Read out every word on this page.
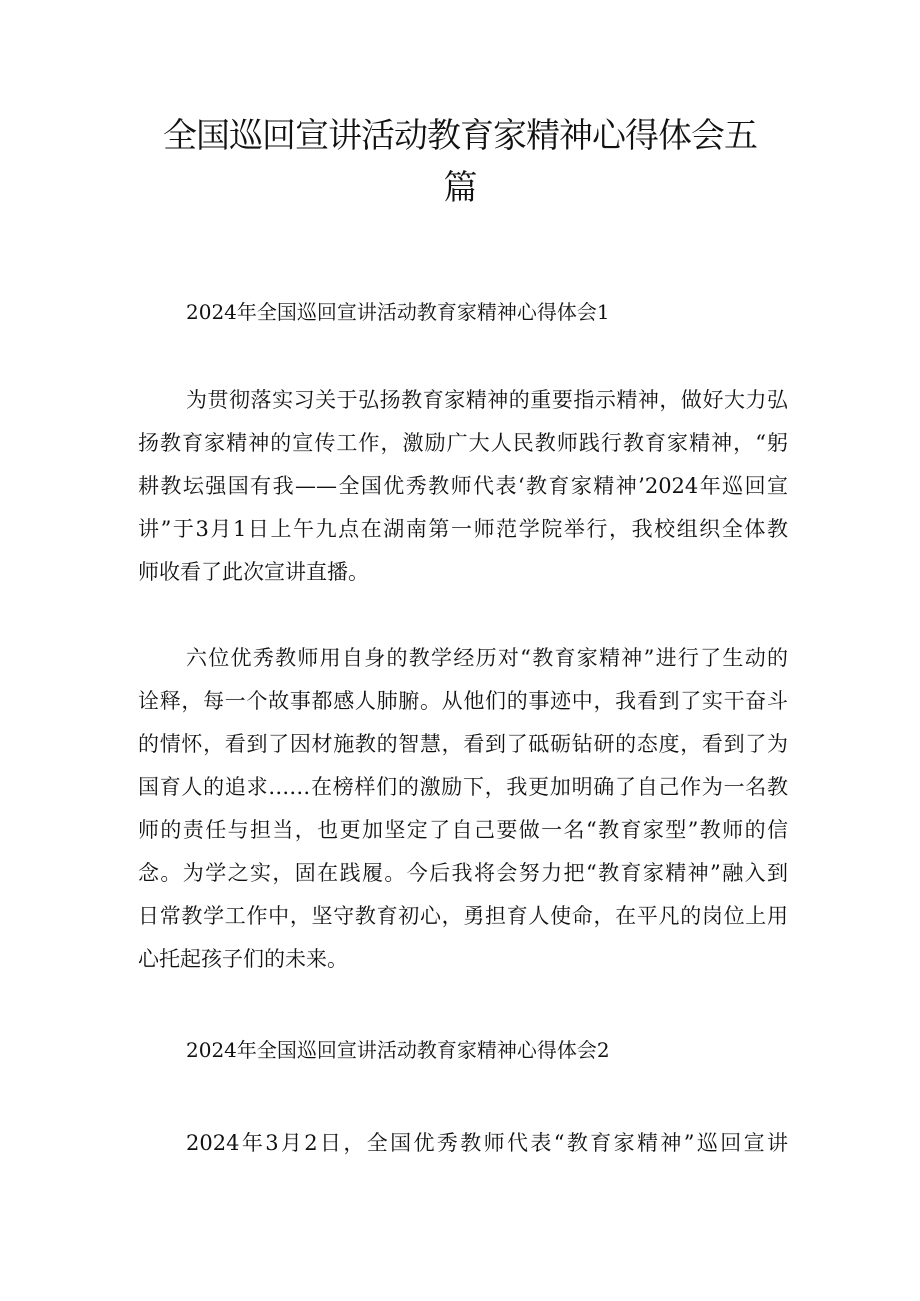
全国巡回宣讲活动教育家精神心得体会五
篇
2024年全国巡回宣讲活动教育家精神心得体会1
为贯彻落实习关于弘扬教育家精神的重要指示精神，做好大力弘
扬教育家精神的宣传工作，激励广大人民教师践行教育家精神，“躬
耕教坛强国有我——全国优秀教师代表‘教育家精神’2024年巡回宣
讲”于3月1日上午九点在湖南第一师范学院举行，我校组织全体教
师收看了此次宣讲直播。
六位优秀教师用自身的教学经历对“教育家精神”进行了生动的
诠释，每一个故事都感人肺腑。从他们的事迹中，我看到了实干奋斗
的情怀，看到了因材施教的智慧，看到了砥砺钻研的态度，看到了为
国育人的追求……在榜样们的激励下，我更加明确了自己作为一名教
师的责任与担当，也更加坚定了自己要做一名“教育家型”教师的信
念。为学之实，固在践履。今后我将会努力把“教育家精神”融入到
日常教学工作中，坚守教育初心，勇担育人使命，在平凡的岗位上用
心托起孩子们的未来。
2024年全国巡回宣讲活动教育家精神心得体会2
2024年3月2日，全国优秀教师代表“教育家精神”巡回宣讲
